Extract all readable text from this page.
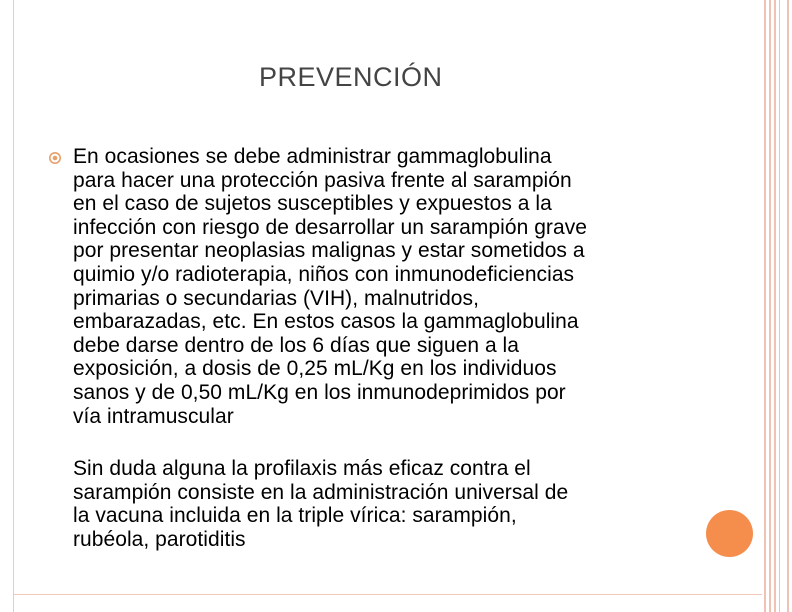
PREVENCIÓN
En ocasiones se debe administrar gammaglobulina
para hacer una protección pasiva frente al sarampión
en el caso de sujetos susceptibles y expuestos a la
infección con riesgo de desarrollar un sarampión grave
por presentar neoplasias malignas y estar sometidos a
quimio y/o radioterapia, niños con inmunodeficiencias
primarias o secundarias (VIH), malnutridos,
embarazadas, etc. En estos casos la gammaglobulina
debe darse dentro de los 6 días que siguen a la
exposición, a dosis de 0,25 mL/Kg en los individuos
sanos y de 0,50 mL/Kg en los inmunodeprimidos por
vía intramuscular
Sin duda alguna la profilaxis más eficaz contra el
sarampión consiste en la administración universal de
la vacuna incluida en la triple vírica: sarampión,
rubéola, parotiditis
